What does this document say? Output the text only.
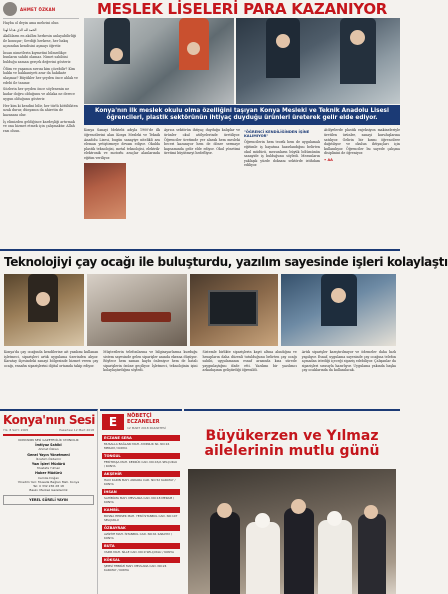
AHMET ÖZKAN

Hayba ol deyin ama mehrini olun

الحمد لله الذي هدانا لهذا

Akıllıların en akıllısı herkesin anlayabilirliği ile konuşur; Sevdiği herkese, her bakış açısından kendisini aşmayı öğretir.

İnsan nimetlerin kıymetini bilmedikçe bunların sahibi olamaz. Nimet sahibini bulduğu zaman gerçek değerini gösterir.

Ölüm ve yaşamın sırrını kim çözebilir? Kim hakkı ve hakkaniyeti arar da hakikate ulaşmaz? Büyükler her şeyden önce ahlak ve edebi ile tanınır.

Sözlerin her şeyden önce söylenenin ne kadar doğru olduğunu ve ahlaka ne derece uygun olduğunu gösterir.

Her kim ki kendini bilir, her türlü kötülükten uzak durur, dünyanın da ahiretin de kazananı olur.

İş elimizden geldiğince kardeşliği artırmak ve ona hizmet etmek için çalışmaktır. Allah razı olsun.

MESLEK LİSELERİ PARA KAZANIYOR
Konya'nın ilk meslek okulu olma özelliğini taşıyan Konya Mesleki ve Teknik Anadolu Lisesi öğrencileri, plastik sektörünün ihtiyaç duyduğu ürünleri üreterek gelir elde ediyor.

Konya Sanayi Mektebi adıyla 1900'de ilk öğrencilerini alan Konya Mesleki ve Teknik Anadolu Lisesi, bugün sanayiye nitelikli ara eleman yetiştirmeye devam ediyor. Okulda plastik teknolojisi, metal teknolojisi, elektrik-elektronik ve motorlu araçlar alanlarında eğitim veriliyor.

Ayrıca sektörün ihtiyaç duyduğu kalıplar ve ürünler okul atölyelerinde üretiliyor. Öğrenciler üretimde yer alarak hem mesleki beceri kazanıyor hem de döner sermaye kapsamında gelir elde ediyor. Okul yönetimi üretimi büyütmeyi hedefliyor.

"ÖĞRENCİ KENDİLİĞİNDEN İŞİNE KALIMIYOR"

Öğrencilerin hem teorik hem de uygulamalı eğitimle iş hayatına hazırlandığını belirten okul müdürü, mezunların büyük bölümünün sanayide iş bulduğunu söyledi. Mezunların yaklaşık yüzde doksanı sektörde istihdam ediliyor.

Atölyelerde plastik enjeksiyon makineleriyle üretilen ürünler, sanayi kuruluşlarına satılıyor. Gelirin bir kısmı öğrencilere dağıtılıyor ve okulun ihtiyaçları için kullanılıyor. Öğrenciler bu sayede çalışma disiplinini de öğreniyor.

• AA
Teknolojiyi çay ocağı ile buluşturdu, yazılım sayesinde işleri kolaylaştı

Konya'da çay ocağında kendilerine ait yazılımı kullanan işletmeci, siparişleri artık uygulama üzerinden alıyor. Karatay ilçesindeki sanayi bölgesinde hizmet veren çay ocağı, esnafın siparişlerini dijital ortamda takip ediyor.

Müşterilerin telefonlarına ve bilgisayarlarına kurduğu sistem sayesinde gelen siparişler anında ekrana düşüyor. Böylece hem zaman kaybı önleniyor hem de hatalı siparişlerin önüne geçiliyor. İşletmeci, teknolojinin işini kolaylaştırdığını söyledi.

Sistemle birlikte siparişlerin kayıt altına alındığını ve hesapların daha düzenli tutulduğunu belirten çay ocağı sahibi, uygulamanın esnaf arasında kısa sürede yaygınlaştığını ifade etti. Yazılımı bir yazılımcı arkadaşının geliştirdiği öğrenildi.

Artık siparişler karıştırılmıyor ve ödemeler daha hızlı yapılıyor. Esnaf, uygulama sayesinde çay ocağına telefon açmadan istediği içeceği sipariş edebiliyor. Çalışanlar da siparişleri sırasıyla hazırlıyor. Uygulama yakında başka çay ocaklarında da kullanılacak.

Konya'nın Sesi
YIL: 8 SAYI: 2005	Pazartesi 12 Mart 2018
KONYANIN SESİ GAZETECİLİK YAYINCILIK
İmtiyaz Sahibi
Ahmet Özkan
Genel Yayın Yönetmeni
İbrahim Özdemir
Yazı İşleri Müdürü
Mustafa Yılmaz
Haber Müdürü
Cemile Doğan
Yönetim Yeri: Musalla Bağları Mah. Konya
Tel: 0 332 236 28 18
Baskı: Merkez Gazetecilik
YEREL SÜRELİ YAYIN
E	NÖBETÇİ
ECZANELER
12 MART 2018 PAZARTESİ
ECZANE SERA
MUSALLA BAĞLARI MAH. AYDINLIK SK. NO:16 MERAM / KONYA
TONGUL
FERİTPAŞA MAH. KERKÜK CAD. NO:43/A SELÇUKLU / KONYA
AKŞEHİR
HACI KADIN MAH. ANKARA CAD. NO:52 KARATAY / KONYA
İHSAN
SAHİBİATA MAH. MEVLANA CAD. NO:18 MERAM / KONYA
KAMBİL
BOSNA HERSEK MAH. YENİ İSTANBUL CAD. NO:107 SELÇUKLU
ÖZBAYRAK
AZİZİYE MAH. İSTANBUL CAD. NO:61 KARATAY / KONYA
BUTA
YAZIR MAH. SİLLE CAD. NO:9 SELÇUKLU / KONYA
KÖKSAL
ŞEMSİ TEBRİZİ MAH. MEVLANA CAD. NO:24 KARATAY / KONYA
Büyükerzen ve Yılmaz
ailelerinin mutlu günü
